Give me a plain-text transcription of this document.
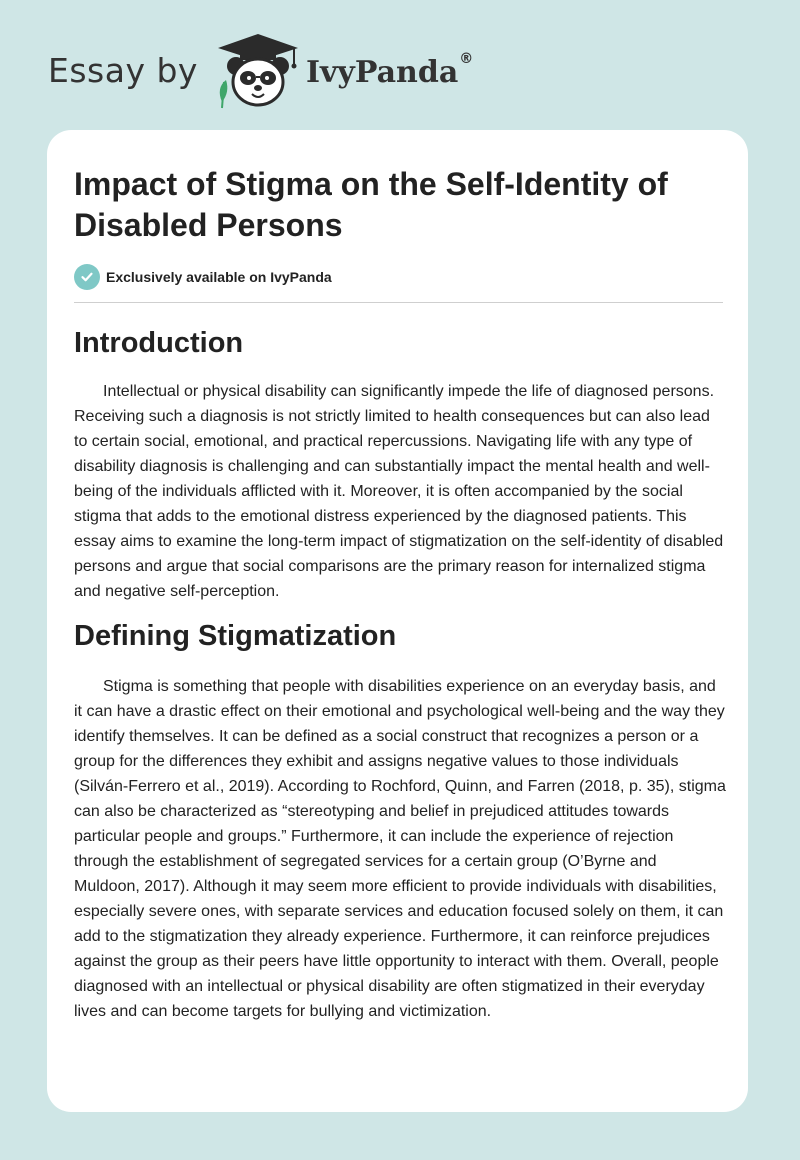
Essay by	IvyPanda®
Impact of Stigma on the Self-Identity of Disabled Persons
Exclusively available on IvyPanda
Introduction

Intellectual or physical disability can significantly impede the life of diagnosed persons. Receiving such a diagnosis is not strictly limited to health consequences but can also lead to certain social, emotional, and practical repercussions. Navigating life with any type of disability diagnosis is challenging and can substantially impact the mental health and well-being of the individuals afflicted with it. Moreover, it is often accompanied by the social stigma that adds to the emotional distress experienced by the diagnosed patients. This essay aims to examine the long-term impact of stigmatization on the self-identity of disabled persons and argue that social comparisons are the primary reason for internalized stigma and negative self-perception.

Defining Stigmatization

Stigma is something that people with disabilities experience on an everyday basis, and it can have a drastic effect on their emotional and psychological well-being and the way they identify themselves. It can be defined as a social construct that recognizes a person or a group for the differences they exhibit and assigns negative values to those individuals (Silván-Ferrero et al., 2019). According to Rochford, Quinn, and Farren (2018, p. 35), stigma can also be characterized as “stereotyping and belief in prejudiced attitudes towards particular people and groups.” Furthermore, it can include the experience of rejection through the establishment of segregated services for a certain group (O’Byrne and Muldoon, 2017). Although it may seem more efficient to provide individuals with disabilities, especially severe ones, with separate services and education focused solely on them, it can add to the stigmatization they already experience. Furthermore, it can reinforce prejudices against the group as their peers have little opportunity to interact with them. Overall, people diagnosed with an intellectual or physical disability are often stigmatized in their everyday lives and can become targets for bullying and victimization.
